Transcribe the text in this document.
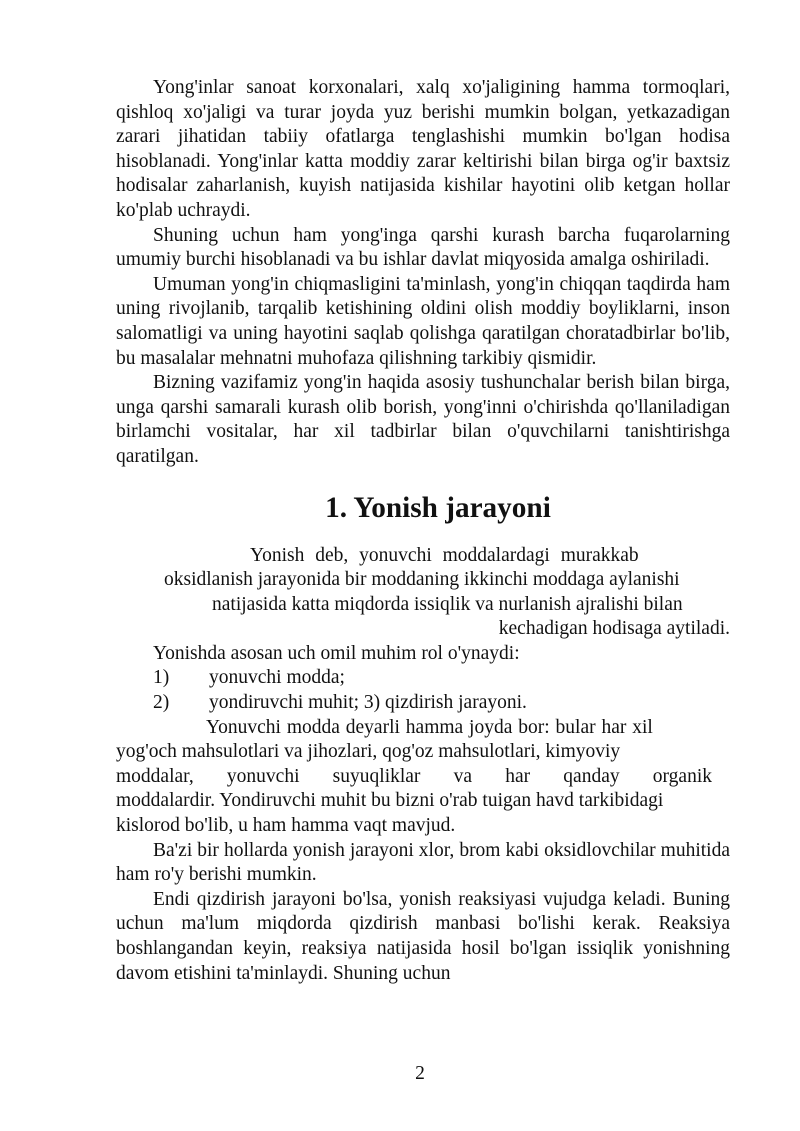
Yong'inlar sanoat korxonalari, xalq xo'jaligining hamma tormoqlari, qishloq xo'jaligi va turar joyda yuz berishi mumkin bolgan, yetkazadigan zarari jihatidan tabiiy ofatlarga tenglashishi mumkin bo'lgan hodisa hisoblanadi. Yong'inlar katta moddiy zarar keltirishi bilan birga og'ir baxtsiz hodisalar zaharlanish, kuyish natijasida kishilar hayotini olib ketgan hollar ko'plab uchraydi.

Shuning uchun ham yong'inga qarshi kurash barcha fuqarolarning umumiy burchi hisoblanadi va bu ishlar davlat miqyosida amalga oshiriladi.

Umuman yong'in chiqmasligini ta'minlash, yong'in chiqqan taqdirda ham uning rivojlanib, tarqalib ketishining oldini olish moddiy boyliklarni, inson salomatligi va uning hayotini saqlab qolishga qaratilgan choratadbirlar bo'lib, bu masalalar mehnatni muhofaza qilishning tarkibiy qismidir.

Bizning vazifamiz yong'in haqida asosiy tushunchalar berish bilan birga, unga qarshi samarali kurash olib borish, yong'inni o'chirishda qo'llaniladigan birlamchi vositalar, har xil tadbirlar bilan o'quvchilarni tanishtirishga qaratilgan.

1. Yonish jarayoni
Yonish deb, yonuvchi moddalardagi murakkab
oksidlanish jarayonida bir moddaning ikkinchi moddaga aylanishi
natijasida katta miqdorda issiqlik va nurlanish ajralishi bilan
kechadigan hodisaga aytiladi.

Yonishda asosan uch omil muhim rol o'ynaydi:

1) yonuvchi modda;

2) yondiruvchi muhit; 3) qizdirish jarayoni.

Yonuvchi modda deyarli hamma joyda bor: bular har xil
yog'och mahsulotlari va jihozlari, qog'oz mahsulotlari, kimyoviy
moddalar, yonuvchi suyuqliklar va har qanday organik
moddalardir. Yondiruvchi muhit bu bizni o'rab tuigan havd tarkibidagi
kislorod bo'lib, u ham hamma vaqt mavjud.

Ba'zi bir hollarda yonish jarayoni xlor, brom kabi oksidlovchilar muhitida ham ro'y berishi mumkin.

Endi qizdirish jarayoni bo'lsa, yonish reaksiyasi vujudga keladi. Buning uchun ma'lum miqdorda qizdirish manbasi bo'lishi kerak. Reaksiya boshlangandan keyin, reaksiya natijasida hosil bo'lgan issiqlik yonishning davom etishini ta'minlaydi. Shuning uchun

2
